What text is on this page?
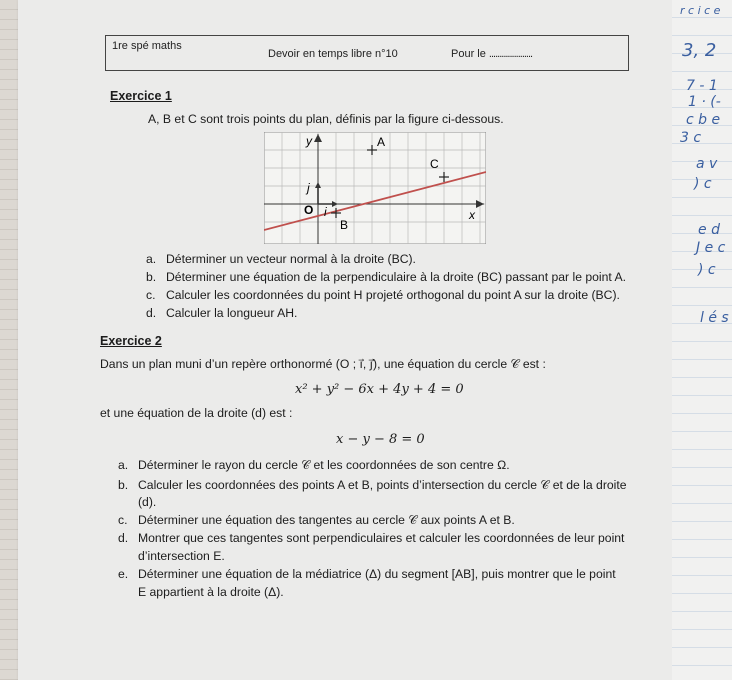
1re spé maths
Devoir en temps libre n°10	Pour le .....................
Exercice 1
A, B et C sont trois points du plan, définis par la figure ci-dessous.
y
x
j
i
O
A
B
C
a. Déterminer un vecteur normal à la droite (BC).
b. Déterminer une équation de la perpendiculaire à la droite (BC) passant par le point A.
c. Calculer les coordonnées du point H projeté orthogonal du point A sur la droite (BC).
d. Calculer la longueur AH.
Exercice 2
Dans un plan muni d’un repère orthonormé (O ; i⃗, j⃗), une équation du cercle 𝒞 est :
x² + y² − 6x + 4y + 4 = 0
et une équation de la droite (d) est :
x − y − 8 = 0
a. Déterminer le rayon du cercle 𝒞 et les coordonnées de son centre Ω.
b. Calculer les coordonnées des points A et B, points d’intersection du cercle 𝒞 et de la droite
(d).
c. Déterminer une équation des tangentes au cercle 𝒞 aux points A et B.
d. Montrer que ces tangentes sont perpendiculaires et calculer les coordonnées de leur point
d’intersection E.
e. Déterminer une équation de la médiatrice (Δ) du segment [AB], puis montrer que le point
E appartient à la droite (Δ).
r c i c e
3, 2
7 - 1
1 · (-
c b e
3 c
a v
) c
e d
J e c
) c
l é s
